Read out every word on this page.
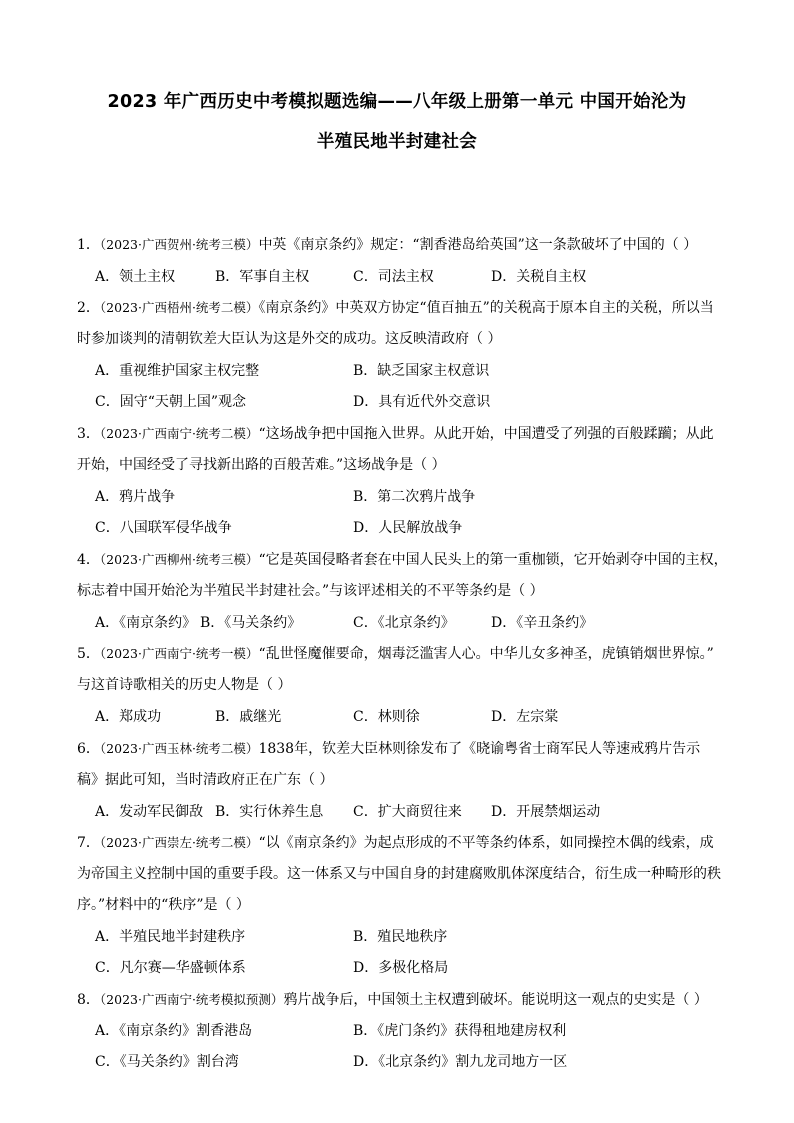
2023 年广西历史中考模拟题选编——八年级上册第一单元 中国开始沦为
半殖民地半封建社会
1．（2023·广西贺州·统考三模）中英《南京条约》规定：“割香港岛给英国”这一条款破坏了中国的（ ）
A．领土主权	B．军事自主权	C．司法主权	D．关税自主权
2．（2023·广西梧州·统考二模）《南京条约》中英双方协定“值百抽五”的关税高于原本自主的关税，所以当
时参加谈判的清朝钦差大臣认为这是外交的成功。这反映清政府（ ）
A．重视维护国家主权完整	B．缺乏国家主权意识
C．固守“天朝上国”观念	D．具有近代外交意识
3．（2023·广西南宁·统考二模）“这场战争把中国拖入世界。从此开始，中国遭受了列强的百般蹂躏；从此
开始，中国经受了寻找新出路的百般苦难。”这场战争是（ ）
A．鸦片战争	B．第二次鸦片战争
C．八国联军侵华战争	D．人民解放战争
4．（2023·广西柳州·统考三模）“它是英国侵略者套在中国人民头上的第一重枷锁，它开始剥夺中国的主权，
标志着中国开始沦为半殖民半封建社会。”与该评述相关的不平等条约是（ ）
A．《南京条约》 B．《马关条约》	C．《北京条约》	D．《辛丑条约》
5．（2023·广西南宁·统考一模）“乱世怪魔催要命，烟毒泛滥害人心。中华儿女多神圣，虎镇销烟世界惊。”
与这首诗歌相关的历史人物是（ ）
A．郑成功	B．戚继光	C．林则徐	D．左宗棠
6．（2023·广西玉林·统考二模）1838年，钦差大臣林则徐发布了《晓谕粤省士商军民人等速戒鸦片告示
稿》据此可知，当时清政府正在广东（ ）
A．发动军民御敌 B．实行休养生息 C．扩大商贸往来 D．开展禁烟运动
7．（2023·广西崇左·统考二模）“以《南京条约》为起点形成的不平等条约体系，如同操控木偶的线索，成
为帝国主义控制中国的重要手段。这一体系又与中国自身的封建腐败肌体深度结合，衍生成一种畸形的秩
序。”材料中的“秩序”是（ ）
A．半殖民地半封建秩序	B．殖民地秩序
C．凡尔赛—华盛顿体系	D．多极化格局
8．（2023·广西南宁·统考模拟预测）鸦片战争后，中国领土主权遭到破坏。能说明这一观点的史实是（ ）
A．《南京条约》割香港岛	B．《虎门条约》获得租地建房权利
C．《马关条约》割台湾	D．《北京条约》割九龙司地方一区
